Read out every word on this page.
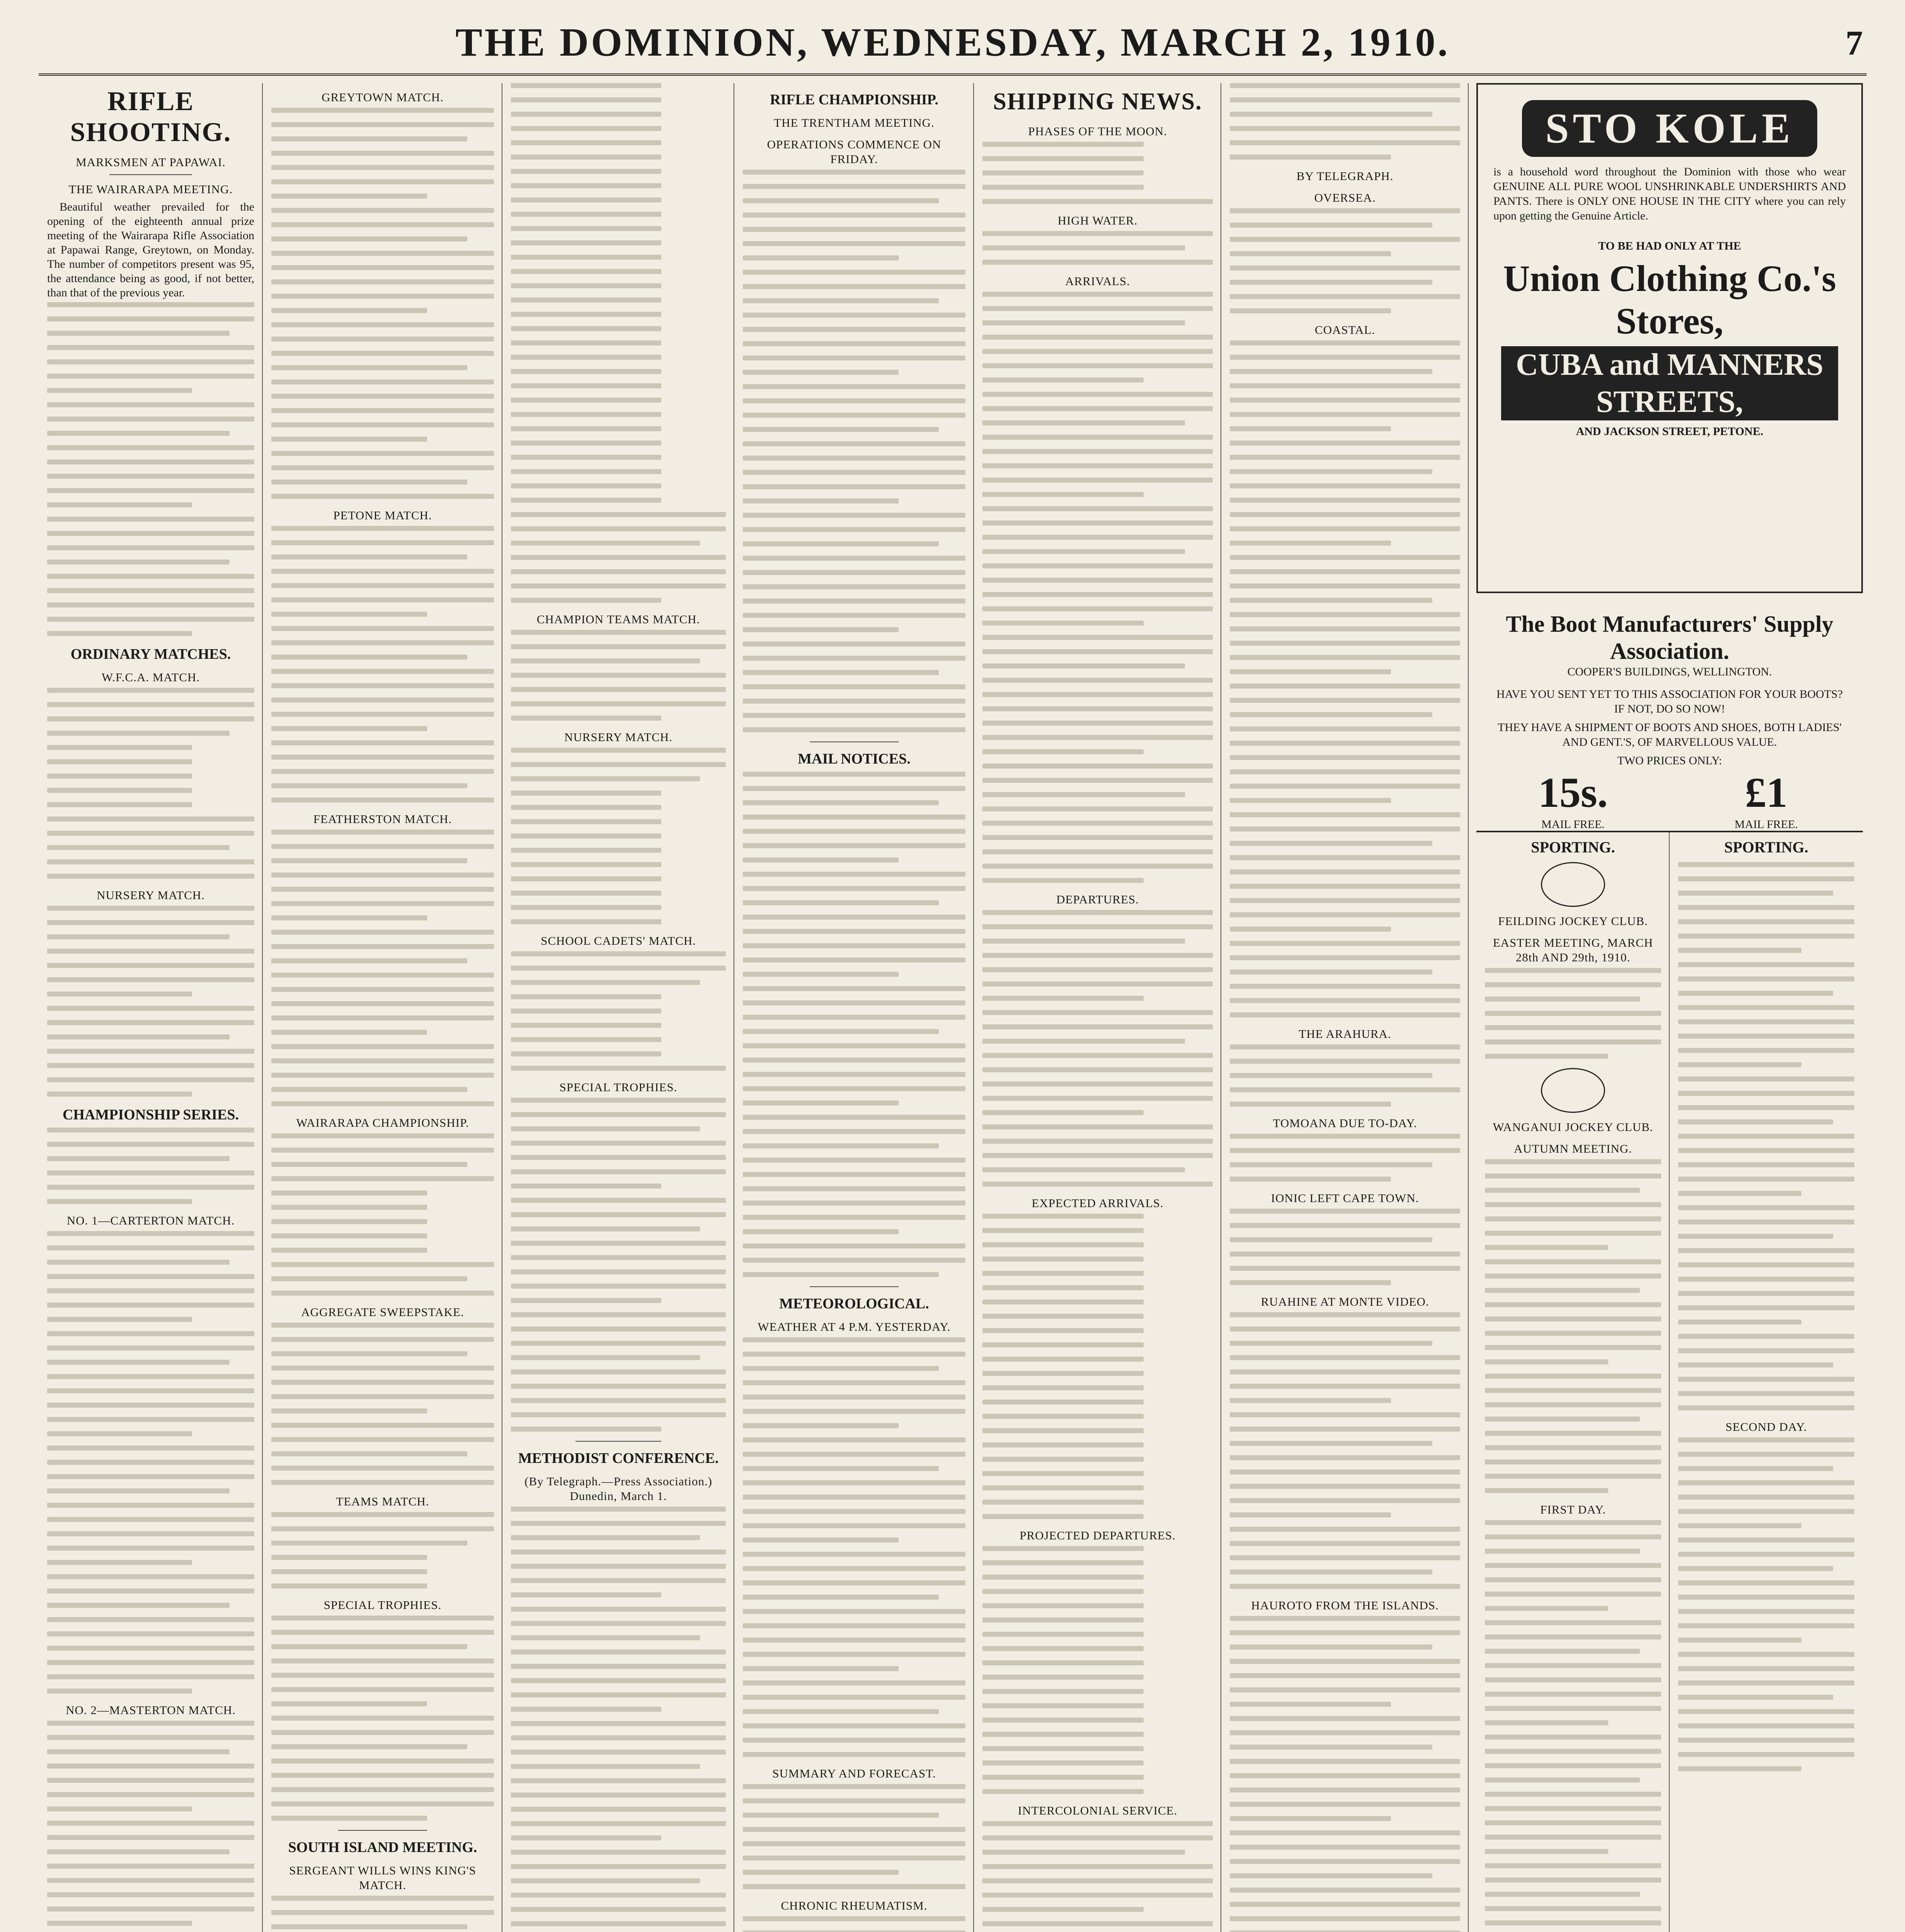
THE DOMINION, WEDNESDAY, MARCH 2, 1910.	7
RIFLE SHOOTING.
MARKSMEN AT PAPAWAI.
THE WAIRARAPA MEETING.
Beautiful weather prevailed for the opening of the eighteenth annual prize meeting of the Wairarapa Rifle Association at Papawai Range, Greytown, on Monday. The number of competitors present was 95, the attendance being as good, if not better, than that of the previous year.
ORDINARY MATCHES.
W.F.C.A. MATCH.
NURSERY MATCH.
CHAMPIONSHIP SERIES.
NO. 1—CARTERTON MATCH.
NO. 2—MASTERTON MATCH.
GREYTOWN MATCH.
PETONE MATCH.
FEATHERSTON MATCH.
WAIRARAPA CHAMPIONSHIP.
AGGREGATE SWEEPSTAKE.
TEAMS MATCH.
SPECIAL TROPHIES.
SOUTH ISLAND MEETING.
SERGEANT WILLS WINS KING'S MATCH.
CHAMPION TEAMS MATCH.
NURSERY MATCH.
SCHOOL CADETS' MATCH.
SPECIAL TROPHIES.
METHODIST CONFERENCE.
(By Telegraph.—Press Association.) Dunedin, March 1.
RIFLE CHAMPIONSHIP.
THE TRENTHAM MEETING.
OPERATIONS COMMENCE ON FRIDAY.
MAIL NOTICES.
METEOROLOGICAL.
WEATHER AT 4 P.M. YESTERDAY.
SUMMARY AND FORECAST.
CHRONIC RHEUMATISM.
SHIPPING NEWS.
PHASES OF THE MOON.
HIGH WATER.
ARRIVALS.
DEPARTURES.
EXPECTED ARRIVALS.
PROJECTED DEPARTURES.
INTERCOLONIAL SERVICE.
BY TELEGRAPH.
OVERSEA.
COASTAL.
THE ARAHURA.
TOMOANA DUE TO-DAY.
IONIC LEFT CAPE TOWN.
RUAHINE AT MONTE VIDEO.
HAUROTO FROM THE ISLANDS.
STO KOLE
is a household word throughout the Dominion with those who wear GENUINE ALL PURE WOOL UNSHRINKABLE UNDERSHIRTS AND PANTS. There is ONLY ONE HOUSE IN THE CITY where you can rely upon getting the Genuine Article.
TO BE HAD ONLY AT THE
Union Clothing Co.'s Stores,
CUBA and MANNERS STREETS,
AND JACKSON STREET, PETONE.
The Boot Manufacturers' Supply Association.
COOPER'S BUILDINGS, WELLINGTON.
HAVE YOU SENT YET TO THIS ASSOCIATION FOR YOUR BOOTS? IF NOT, DO SO NOW!
THEY HAVE A SHIPMENT OF BOOTS AND SHOES, BOTH LADIES' AND GENT.'S, OF MARVELLOUS VALUE.
TWO PRICES ONLY:
15s.
MAIL FREE.
£1
MAIL FREE.
SPORTING.
FEILDING JOCKEY CLUB.
EASTER MEETING, MARCH 28th AND 29th, 1910.
WANGANUI JOCKEY CLUB.
AUTUMN MEETING.
FIRST DAY.
SPORTING.
SECOND DAY.
